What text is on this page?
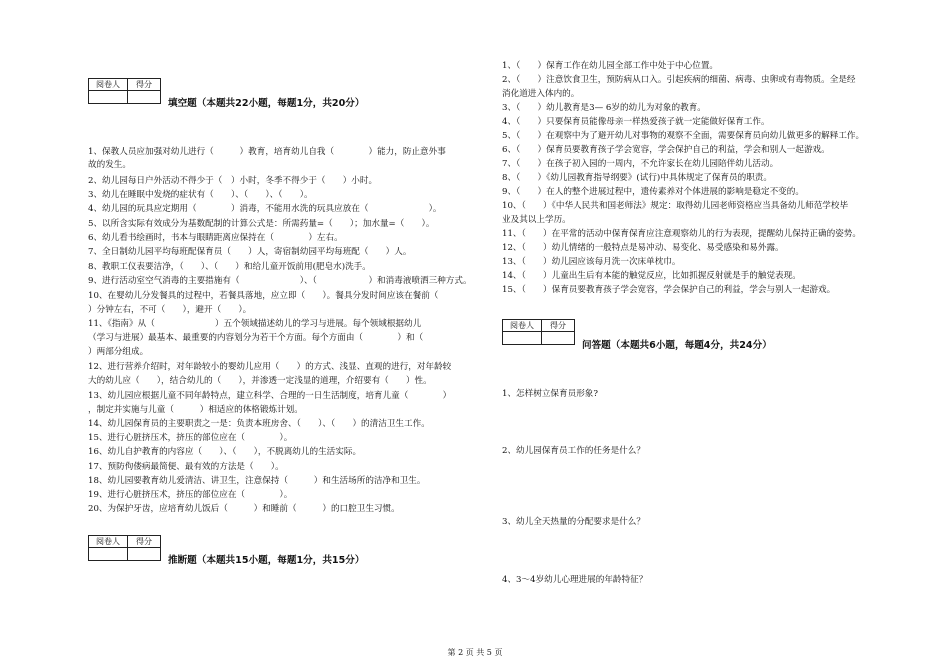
阅卷人	得分

填空题（本题共22小题，每题1分，共20分）
1、保教人员应加强对幼儿进行（　　　）教育，培育幼儿自我（　　　　）能力，防止意外事
故的发生。
2、幼儿园每日户外活动不得少于（　）小时，冬季不得少于（　　）小时。
3、幼儿在睡眠中发烧的症状有（　　）、（　　）、（　　）。
4、幼儿园的玩具应定期用（　　　　）消毒，不能用水洗的玩具应放在（　　　　　　　）。
5、以所含实际有效成分为基数配制的计算公式是：所需药量=（　　）；加水量=（　　）。
6、幼儿看书绘画时，书本与眼睛距离应保持在（　　　　）左右。
7、全日制幼儿园平均每班配保育员（　　）人，寄宿制幼园平均每班配（　　）人。
8、教职工仪表要洁净，（　　）、（　　）和给儿童开饭前用(肥皂水)洗手。
9、进行活动室空气消毒的主要措施有（　　　　　　　）、（　　　　　　）和消毒液喷洒三种方式。
10、在婴幼儿分发餐具的过程中，若餐具落地，应立即（　　）。餐具分发时间应该在餐前（
）分钟左右，不可（　　），避开（　　）。
11、《指南》从（　　　　　　　）五个领域描述幼儿的学习与进展。每个领域根据幼儿
（学习与进展）最基本、最重要的内容划分为若干个方面。每个方面由（　　　　）和（
）两部分组成。
12、进行营养介绍时，对年龄较小的婴幼儿应用（　　）的方式、浅显、直观的进行，对年龄较
大的幼儿应（　　），结合幼儿的（　　），并渗透一定浅显的道理，介绍要有（　　）性。
13、幼儿园应根据儿童不同年龄特点，建立科学、合理的一日生活制度，培育儿童（　　　　）
，制定并实施与儿童（　　　）相适应的体格锻炼计划。
14、幼儿园保育员的主要职责之一是：负责本班房舍、（　　）、（　　）的清洁卫生工作。
15、进行心脏挤压术，挤压的部位应在（　　　　）。
16、幼儿自护教育的内容应（　　）、（　　），不脱离幼儿的生活实际。
17、预防佝偻病最简便、最有效的方法是（　　）。
18、幼儿园要教育幼儿爱清洁、讲卫生，注意保持（　　　）和生活场所的洁净和卫生。
19、进行心脏挤压术，挤压的部位应在（　　　　）。
20、为保护牙齿，应培育幼儿饭后（　　　）和睡前（　　　）的口腔卫生习惯。
阅卷人	得分

推断题（本题共15小题，每题1分，共15分）
1、（　　）保育工作在幼儿园全部工作中处于中心位置。
2、（　　）注意饮食卫生，预防病从口入。引起疾病的细菌、病毒、虫卵或有毒物质。全是经
消化道进入体内的。
3、（　　）幼儿教育是3— 6岁的幼儿为对象的教育。
4、（　　）只要保育员能像母亲一样热爱孩子就一定能做好保育工作。
5、（　　）在观察中为了避开幼儿对事物的观察不全面，需要保育员向幼儿做更多的解释工作。
6、（　　）保育员要教育孩子学会宽容，学会保护自己的利益，学会和别人一起游戏。
7、（　　）在孩子初入园的一周内，不允许家长在幼儿园陪伴幼儿活动。
8、（　　）《幼儿园教育指导纲要》(试行)中具体规定了保育员的职责。
9、（　　）在人的整个进展过程中，遗传素养对个体进展的影响是稳定不变的。
10、（　　）《中华人民共和国老师法》规定：取得幼儿园老师资格应当具备幼儿师范学校毕
业及其以上学历。
11、（　　）在平常的活动中保育保育应注意观察幼儿的行为表现，提醒幼儿保持正确的姿势。
12、（　　）幼儿情绪的一般特点是易冲动、易变化、易受感染和易外露。
13、（　　）幼儿园应该每月洗一次床单枕巾。
14、（　　）儿童出生后有本能的触觉反应，比如抓握反射就是手的触觉表现。
15、（　　）保育员要教育孩子学会宽容，学会保护自己的利益，学会与别人一起游戏。
阅卷人	得分

问答题（本题共6小题，每题4分，共24分）
1、怎样树立保育员形象?
2、幼儿园保育员工作的任务是什么？
3、幼儿全天热量的分配要求是什么？
4、3～4岁幼儿心理进展的年龄特征？
第 2 页 共 5 页
